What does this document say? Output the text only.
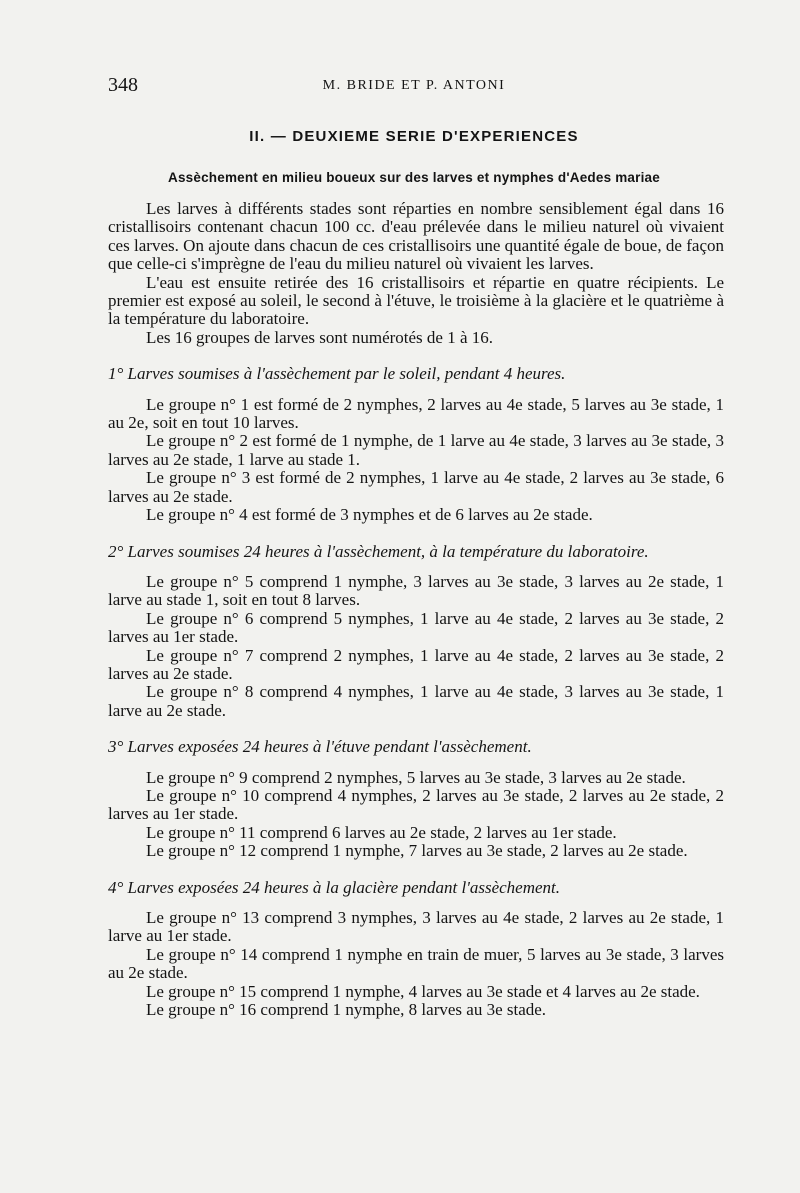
348	M. BRIDE ET P. ANTONI
II. — DEUXIEME SERIE D'EXPERIENCES
Assèchement en milieu boueux sur des larves et nymphes d'Aedes mariae

Les larves à différents stades sont réparties en nombre sensiblement égal dans 16 cristallisoirs contenant chacun 100 cc. d'eau prélevée dans le milieu naturel où vivaient ces larves. On ajoute dans chacun de ces cristallisoirs une quantité égale de boue, de façon que celle-ci s'imprègne de l'eau du milieu naturel où vivaient les larves.

L'eau est ensuite retirée des 16 cristallisoirs et répartie en quatre récipients. Le premier est exposé au soleil, le second à l'étuve, le troisième à la glacière et le quatrième à la température du laboratoire.

Les 16 groupes de larves sont numérotés de 1 à 16.

1° Larves soumises à l'assèchement par le soleil, pendant 4 heures.

Le groupe n° 1 est formé de 2 nymphes, 2 larves au 4e stade, 5 larves au 3e stade, 1 au 2e, soit en tout 10 larves.

Le groupe n° 2 est formé de 1 nymphe, de 1 larve au 4e stade, 3 larves au 3e stade, 3 larves au 2e stade, 1 larve au stade 1.

Le groupe n° 3 est formé de 2 nymphes, 1 larve au 4e stade, 2 larves au 3e stade, 6 larves au 2e stade.

Le groupe n° 4 est formé de 3 nymphes et de 6 larves au 2e stade.

2° Larves soumises 24 heures à l'assèchement, à la température du laboratoire.

Le groupe n° 5 comprend 1 nymphe, 3 larves au 3e stade, 3 larves au 2e stade, 1 larve au stade 1, soit en tout 8 larves.

Le groupe n° 6 comprend 5 nymphes, 1 larve au 4e stade, 2 larves au 3e stade, 2 larves au 1er stade.

Le groupe n° 7 comprend 2 nymphes, 1 larve au 4e stade, 2 larves au 3e stade, 2 larves au 2e stade.

Le groupe n° 8 comprend 4 nymphes, 1 larve au 4e stade, 3 larves au 3e stade, 1 larve au 2e stade.

3° Larves exposées 24 heures à l'étuve pendant l'assèchement.

Le groupe n° 9 comprend 2 nymphes, 5 larves au 3e stade, 3 larves au 2e stade.

Le groupe n° 10 comprend 4 nymphes, 2 larves au 3e stade, 2 larves au 2e stade, 2 larves au 1er stade.

Le groupe n° 11 comprend 6 larves au 2e stade, 2 larves au 1er stade.

Le groupe n° 12 comprend 1 nymphe, 7 larves au 3e stade, 2 larves au 2e stade.

4° Larves exposées 24 heures à la glacière pendant l'assèchement.

Le groupe n° 13 comprend 3 nymphes, 3 larves au 4e stade, 2 larves au 2e stade, 1 larve au 1er stade.

Le groupe n° 14 comprend 1 nymphe en train de muer, 5 larves au 3e stade, 3 larves au 2e stade.

Le groupe n° 15 comprend 1 nymphe, 4 larves au 3e stade et 4 larves au 2e stade.

Le groupe n° 16 comprend 1 nymphe, 8 larves au 3e stade.
